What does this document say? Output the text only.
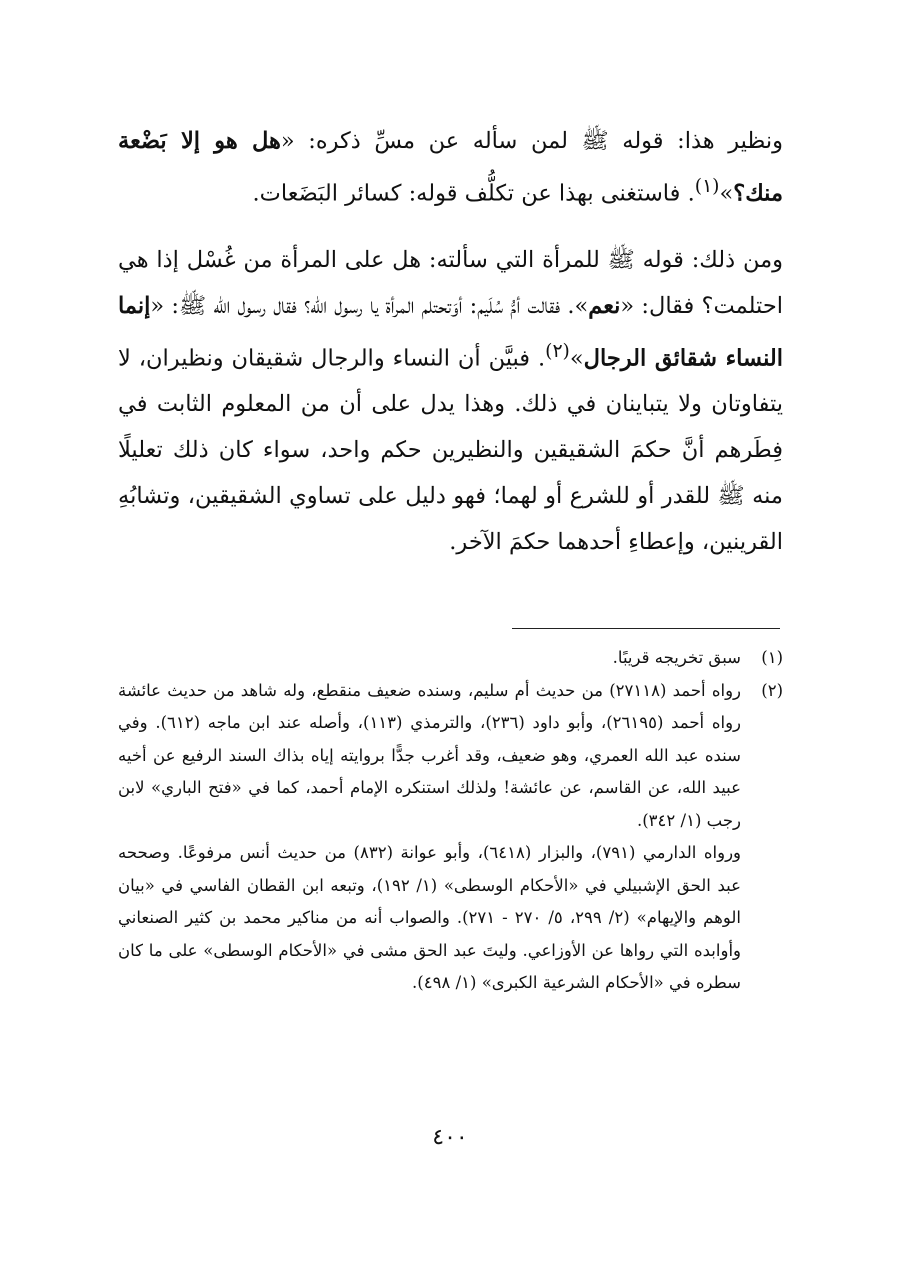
ونظير هذا: قوله ﷺ لمن سأله عن مسِّ ذكره: «هل هو إلا بَضْعة منك؟»$^{(١)}$. فاستغنى بهذا عن تكلُّف قوله: كسائر البَضَعات.

ومن ذلك: قوله ﷺ للمرأة التي سألته: هل على المرأة من غُسْل إذا هي احتلمت؟ فقال: «نعم». فقالت أمُّ سُلَيم: أوَتحتلم المرأة يا رسول الله؟ فقال رسول الله ﷺ: «إنما النساء شقائق الرجال»$^{(٢)}$. فبيَّن أن النساء والرجال شقيقان ونظيران، لا يتفاوتان ولا يتباينان في ذلك. وهذا يدل على أن من المعلوم الثابت في فِطَرهم أنَّ حكمَ الشقيقين والنظيرين حكم واحد، سواء كان ذلك تعليلًا منه ﷺ للقدر أو للشرع أو لهما؛ فهو دليل على تساوي الشقيقين، وتشابُهِ القرينين، وإعطاءِ أحدهما حكمَ الآخر.

(١)
سبق تخريجه قريبًا.

(٢)
رواه أحمد (٢٧١١٨) من حديث أم سليم، وسنده ضعيف منقطع، وله شاهد من حديث عائشة رواه أحمد (٢٦١٩٥)، وأبو داود (٢٣٦)، والترمذي (١١٣)، وأصله عند ابن ماجه (٦١٢). وفي سنده عبد الله العمري، وهو ضعيف، وقد أغرب جدًّا بروايته إياه بذاك السند الرفيع عن أخيه عبيد الله، عن القاسم، عن عائشة! ولذلك استنكره الإمام أحمد، كما في «فتح الباري» لابن رجب (١/ ٣٤٢).

ورواه الدارمي (٧٩١)، والبزار (٦٤١٨)، وأبو عوانة (٨٣٢) من حديث أنس مرفوعًا. وصححه عبد الحق الإشبيلي في «الأحكام الوسطى» (١/ ١٩٢)، وتبعه ابن القطان الفاسي في «بيان الوهم والإيهام» (٢/ ٢٩٩، ٥/ ٢٧٠ - ٢٧١). والصواب أنه من مناكير محمد بن كثير الصنعاني وأوابده التي رواها عن الأوزاعي. وليتَ عبد الحق مشى في «الأحكام الوسطى» على ما كان سطره في «الأحكام الشرعية الكبرى» (١/ ٤٩٨).

٤٠٠
